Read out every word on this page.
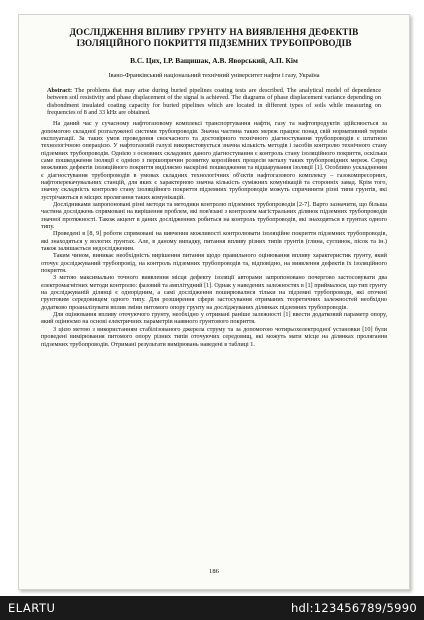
ДОСЛІДЖЕННЯ ВПЛИВУ ГРУНТУ НА ВИЯВЛЕННЯ ДЕФЕКТІВ ІЗОЛЯЦІЙНОГО ПОКРИТТЯ ПІДЗЕМНИХ ТРУБОПРОВОДІВ
В.С. Цих, І.Р. Ващишак, А.В. Яворський, А.П. Кім
Івано-Франківський національний технічний університет нафти і газу, Україна
Abstract: The problems that may arise during buried pipelines coating tests are described. The analytical model of dependence between soil resistivity and phase displacement of the signal is achieved. The diagrams of phase displacement variance depending on disbondment insulated coating capacity for buried pipelines which are located in different types of soils while measuring on frequencies of 8 and 33 kHz are obtained.

На даний час у сучасному нафтогазовому комплексі транспортування нафти, газу та нафтопродуктів здійснюється за допомогою складної розгалуженої системи трубопроводів. Значна частина таких мереж працює понад свій нормативний термін експлуатації. За таких умов проведення своєчасного та достовірного технічного діагностування трубопроводів є штатною технологічною операцією. У нафтогазовій галузі використовується значна кількість методів і засобів контролю технічного стану підземних трубопроводів. Однією з основних складових даного діагностування є контроль стану ізоляційного покриття, оскільки саме пошкодження ізоляції є однією з першопричин розвитку корозійних процесів металу таких трубопровідних мереж. Серед можливих дефектів ізоляційного покриття виділяємо наскрізні пошкодження та відшарування ізоляції [1]. Особливо ускладненим є діагностування трубопроводів в умовах складних технологічних об'єктів нафтогазового комплексу – газокомпресорних, нафтоперекачувальних станцій, для яких є характерною значна кількість суміжних комунікацій та сторонніх завад. Крім того, значну складність контролю стану ізоляційного покриття підземних трубопроводів можуть спричинити різні типи грунтів, які зустрічаються в місцях пролягання таких комунікацій.

Дослідниками запропоновані різні методи та методики контролю підземних трубопроводів [2-7]. Варто зазначити, що більша частина досліджень спрямовані на вирішення проблем, які пов'язані з контролем магістральних ділянок підземних трубопроводів значної протяжності. Також акцент в даних дослідженнях робиться на контроль трубопроводів, які знаходяться в грунтах одного типу.

Проведені в [8, 9] роботи спрямовані на вивчення можливості контролювати ізоляційне покриття підземних трубопроводів, які знаходяться у вологих грунтах. Але, в даному випадку, питання впливу різних типів грунтів (глина, суглинок, пісок та ін.) також залишається недослідженим.

Таким чином, виникає необхідність вирішення питання щодо правильного оцінювання впливу характеристик грунту, який оточує досліджуваний трубопровід, на контроль підземних трубопроводів та, відповідно, на виявлення дефектів їх ізоляційного покриття.

З метою максимально точного виявлення місця дефекту ізоляції авторами запропоновано почергово застосовувати два електромагнітних методи контролю: фазовий та амплітудний [1]. Однак у наведених залежностях в [1] приймалося, що тип грунту на досліджуваній ділянці є однорідним, а самі дослідження поширювалися тільки на підземні трубопроводи, які оточені грунтовим середовищем одного типу. Для розширення сфери застосування отриманих теоретичних залежностей необхідно додатково проаналізувати вплив зміни питомого опору грунту на досліджуваних ділянках підземних трубопроводів.

Для оцінювання впливу оточуючого грунту, необхідно у отримані раніше залежності [1] ввести додатковий параметр опору, який оцінюємо на основі електричних параметрів наявного грунтового покриття.

З цією метою з використанням стабілізованого джерела струму та за допомогою чотирьохелектродної установки [10] були проведені вимірювання питомого опору різних типів оточуючих середовищ, які можуть мати місце на ділянках пролягання підземних трубопроводів. Отримані результати вимірювань наведені в таблиці 1.

186
ELARTU	hdl:123456789/5990
